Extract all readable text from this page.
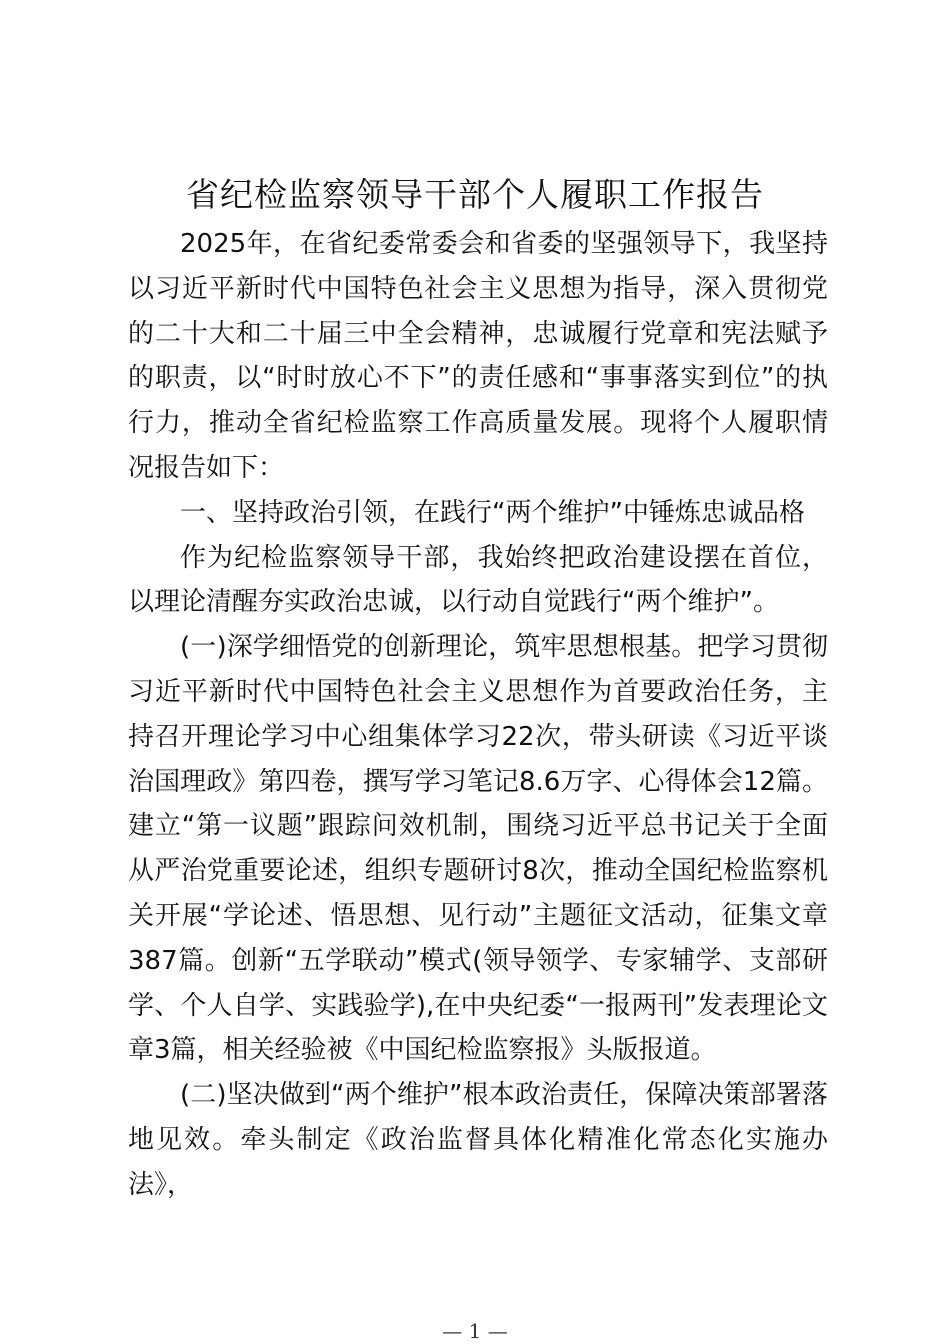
省纪检监察领导干部个人履职工作报告

2025年，在省纪委常委会和省委的坚强领导下，我坚持以习近平新时代中国特色社会主义思想为指导，深入贯彻党的二十大和二十届三中全会精神，忠诚履行党章和宪法赋予的职责，以“时时放心不下”的责任感和“事事落实到位”的执行力，推动全省纪检监察工作高质量发展。现将个人履职情况报告如下：

一、坚持政治引领，在践行“两个维护”中锤炼忠诚品格

作为纪检监察领导干部，我始终把政治建设摆在首位，以理论清醒夯实政治忠诚，以行动自觉践行“两个维护”。

(一)深学细悟党的创新理论，筑牢思想根基。把学习贯彻习近平新时代中国特色社会主义思想作为首要政治任务，主持召开理论学习中心组集体学习22次，带头研读《习近平谈治国理政》第四卷，撰写学习笔记8.6万字、心得体会12篇。建立“第一议题”跟踪问效机制，围绕习近平总书记关于全面从严治党重要论述，组织专题研讨8次，推动全国纪检监察机关开展“学论述、悟思想、见行动”主题征文活动，征集文章387篇。创新“五学联动”模式(领导领学、专家辅学、支部研学、个人自学、实践验学),在中央纪委“一报两刊”发表理论文章3篇，相关经验被《中国纪检监察报》头版报道。

(二)坚决做到“两个维护”根本政治责任，保障决策部署落地见效。牵头制定《政治监督具体化精准化常态化实施办法》，

— 1 —
